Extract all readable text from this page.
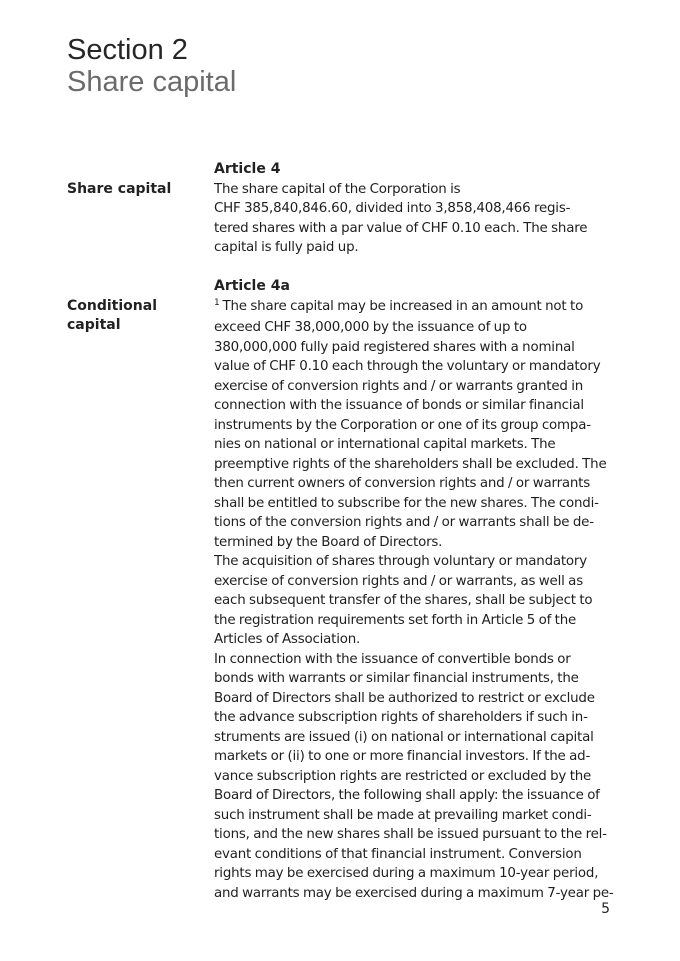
Section 2
Share capital
Article 4
The share capital of the Corporation is
CHF 385,840,846.60, divided into 3,858,408,466 regis-
tered shares with a par value of CHF 0.10 each. The share
capital is fully paid up.
Share capital
Article 4a
$^1$ The share capital may be increased in an amount not to
exceed CHF 38,000,000 by the issuance of up to
380,000,000 fully paid registered shares with a nominal
value of CHF 0.10 each through the voluntary or mandatory
exercise of conversion rights and / or warrants granted in
connection with the issuance of bonds or similar financial
instruments by the Corporation or one of its group compa-
nies on national or international capital markets. The
preemptive rights of the shareholders shall be excluded. The
then current owners of conversion rights and / or warrants
shall be entitled to subscribe for the new shares. The condi-
tions of the conversion rights and / or warrants shall be de-
termined by the Board of Directors.
The acquisition of shares through voluntary or mandatory
exercise of conversion rights and / or warrants, as well as
each subsequent transfer of the shares, shall be subject to
the registration requirements set forth in Article 5 of the
Articles of Association.
In connection with the issuance of convertible bonds or
bonds with warrants or similar financial instruments, the
Board of Directors shall be authorized to restrict or exclude
the advance subscription rights of shareholders if such in-
struments are issued (i) on national or international capital
markets or (ii) to one or more financial investors. If the ad-
vance subscription rights are restricted or excluded by the
Board of Directors, the following shall apply: the issuance of
such instrument shall be made at prevailing market condi-
tions, and the new shares shall be issued pursuant to the rel-
evant conditions of that financial instrument. Conversion
rights may be exercised during a maximum 10-year period,
and warrants may be exercised during a maximum 7-year pe-
Conditional
capital
5
